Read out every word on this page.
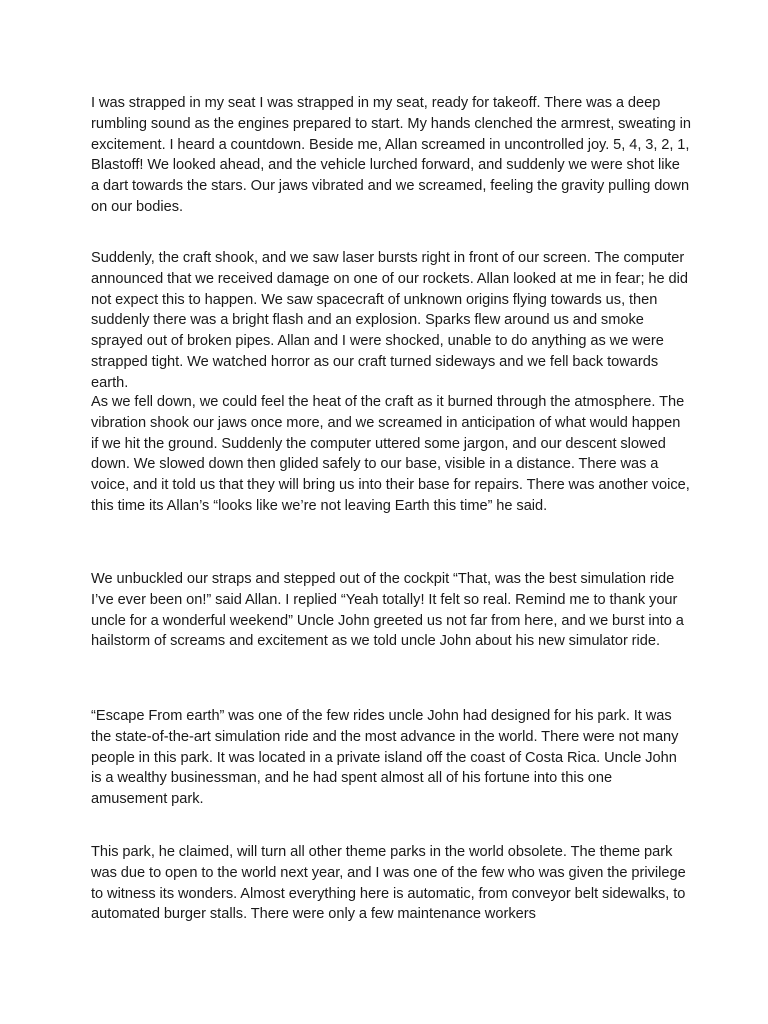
I was strapped in my seat I was strapped in my seat, ready for takeoff. There was a deep rumbling sound as the engines prepared to start. My hands clenched the armrest, sweating in excitement. I heard a countdown. Beside me, Allan screamed in uncontrolled joy. 5, 4, 3, 2, 1, Blastoff! We looked ahead, and the vehicle lurched forward, and suddenly we were shot like a dart towards the stars. Our jaws vibrated and we screamed, feeling the gravity pulling down on our bodies.

Suddenly, the craft shook, and we saw laser bursts right in front of our screen. The computer announced that we received damage on one of our rockets. Allan looked at me in fear; he did not expect this to happen. We saw spacecraft of unknown origins flying towards us, then suddenly there was a bright flash and an explosion. Sparks flew around us and smoke sprayed out of broken pipes. Allan and I were shocked, unable to do anything as we were strapped tight. We watched horror as our craft turned sideways and we fell back towards earth.

As we fell down, we could feel the heat of the craft as it burned through the atmosphere. The vibration shook our jaws once more, and we screamed in anticipation of what would happen if we hit the ground. Suddenly the computer uttered some jargon, and our descent slowed down. We slowed down then glided safely to our base, visible in a distance. There was a voice, and it told us that they will bring us into their base for repairs. There was another voice, this time its Allan’s “looks like we’re not leaving Earth this time” he said.

We unbuckled our straps and stepped out of the cockpit “That, was the best simulation ride I’ve ever been on!” said Allan. I replied “Yeah totally! It felt so real. Remind me to thank your uncle for a wonderful weekend” Uncle John greeted us not far from here, and we burst into a hailstorm of screams and excitement as we told uncle John about his new simulator ride.

“Escape From earth” was one of the few rides uncle John had designed for his park. It was the state-of-the-art simulation ride and the most advance in the world. There were not many people in this park. It was located in a private island off the coast of Costa Rica. Uncle John is a wealthy businessman, and he had spent almost all of his fortune into this one amusement park.

This park, he claimed, will turn all other theme parks in the world obsolete. The theme park was due to open to the world next year, and I was one of the few who was given the privilege to witness its wonders. Almost everything here is automatic, from conveyor belt sidewalks, to automated burger stalls. There were only a few maintenance workers
